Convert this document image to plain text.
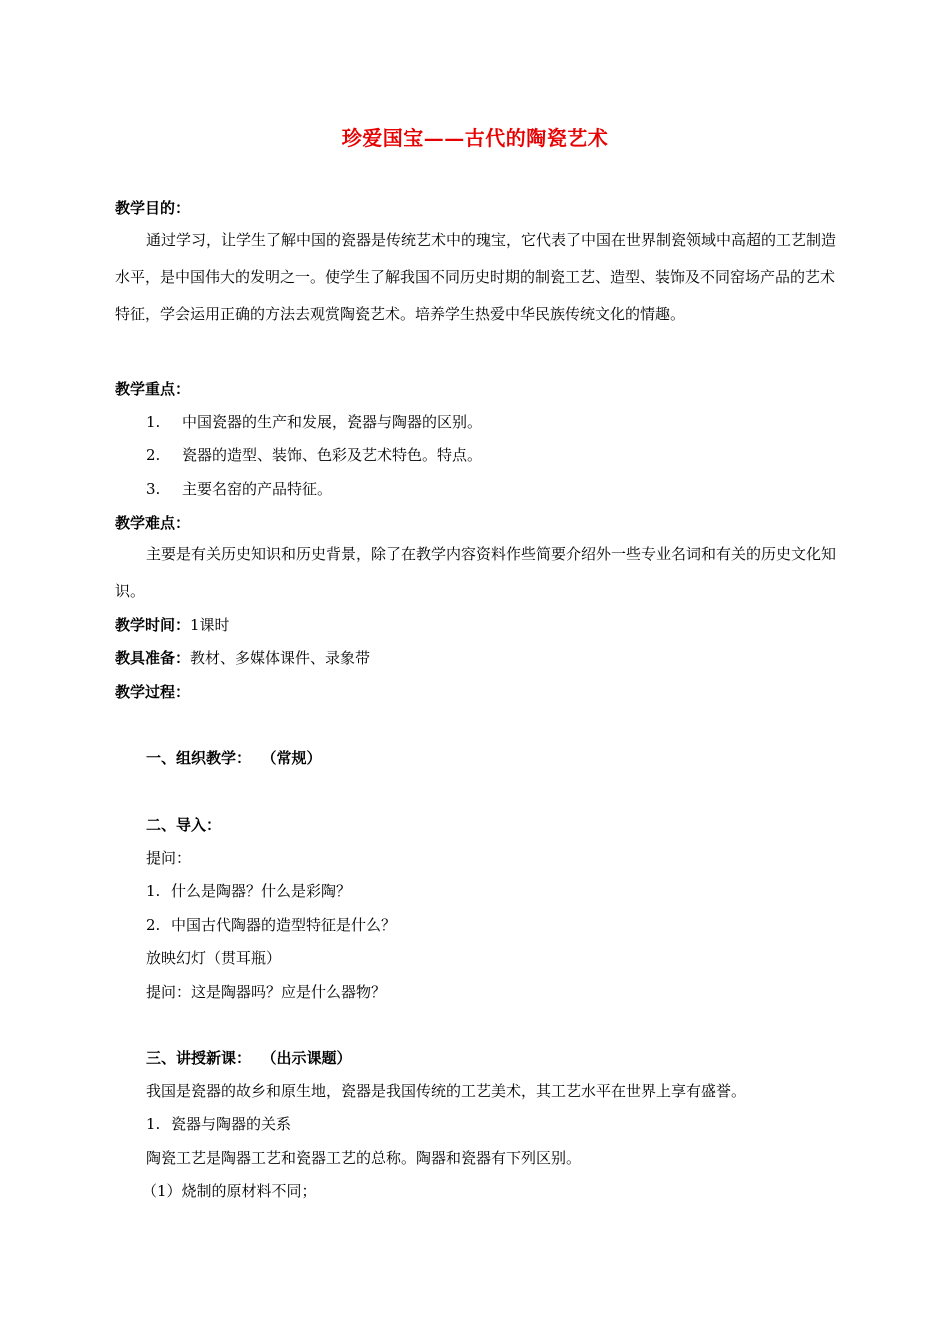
珍爱国宝——古代的陶瓷艺术
教学目的：
通过学习，让学生了解中国的瓷器是传统艺术中的瑰宝，它代表了中国在世界制瓷领域中高超的工艺制造水平，是中国伟大的发明之一。使学生了解我国不同历史时期的制瓷工艺、造型、装饰及不同窑场产品的艺术特征，学会运用正确的方法去观赏陶瓷艺术。培养学生热爱中华民族传统文化的情趣。
教学重点：
1. 中国瓷器的生产和发展，瓷器与陶器的区别。
2. 瓷器的造型、装饰、色彩及艺术特色。特点。
3. 主要名窑的产品特征。
教学难点：
主要是有关历史知识和历史背景，除了在教学内容资料作些简要介绍外一些专业名词和有关的历史文化知识。
教学时间：1课时
教具准备：教材、多媒体课件、录象带
教学过程：
一、组织教学：  （常规）
二、导入：
提问：
1. 什么是陶器？什么是彩陶？
2. 中国古代陶器的造型特征是什么？
放映幻灯（贯耳瓶）
提问：这是陶器吗？应是什么器物？
三、讲授新课：  （出示课题）
我国是瓷器的故乡和原生地，瓷器是我国传统的工艺美术，其工艺水平在世界上享有盛誉。
1. 瓷器与陶器的关系
陶瓷工艺是陶器工艺和瓷器工艺的总称。陶器和瓷器有下列区别。
（1）烧制的原材料不同；
